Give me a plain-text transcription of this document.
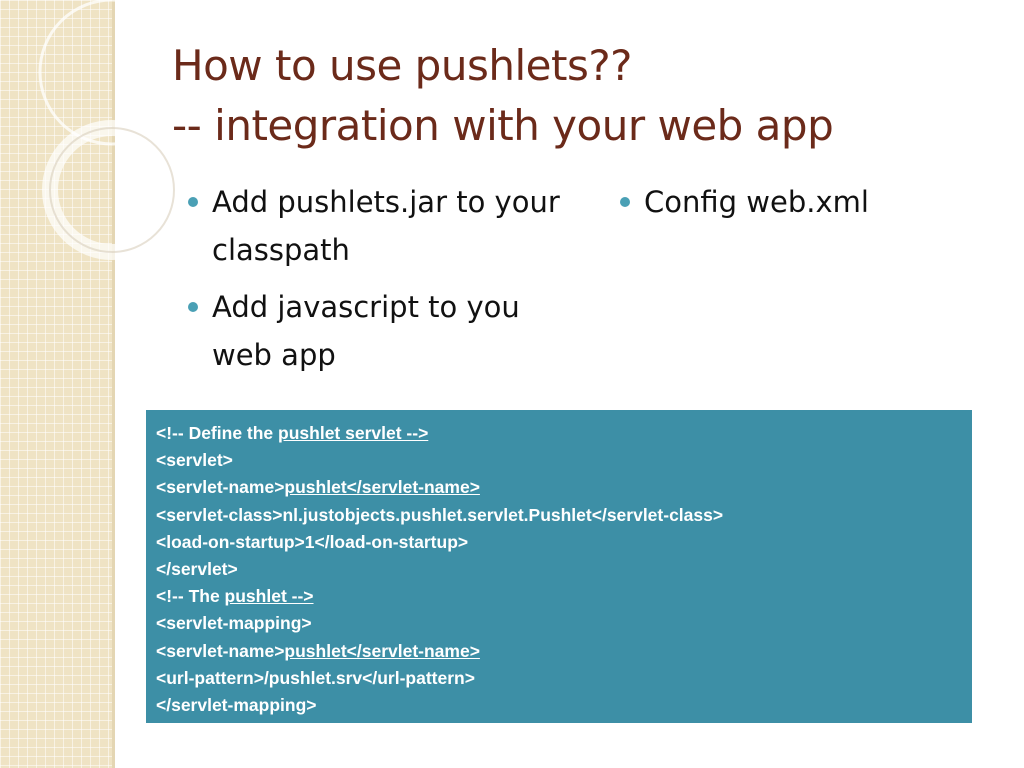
How to use pushlets??
-- integration with your web app
Add pushlets.jar to your classpath
Add javascript to you web app
Config web.xml
<!-- Define the pushlet servlet -->
<servlet>
<servlet-name>pushlet</servlet-name>
<servlet-class>nl.justobjects.pushlet.servlet.Pushlet</servlet-class>
<load-on-startup>1</load-on-startup>
</servlet>
<!-- The pushlet -->
<servlet-mapping>
<servlet-name>pushlet</servlet-name>
<url-pattern>/pushlet.srv</url-pattern>
</servlet-mapping>
